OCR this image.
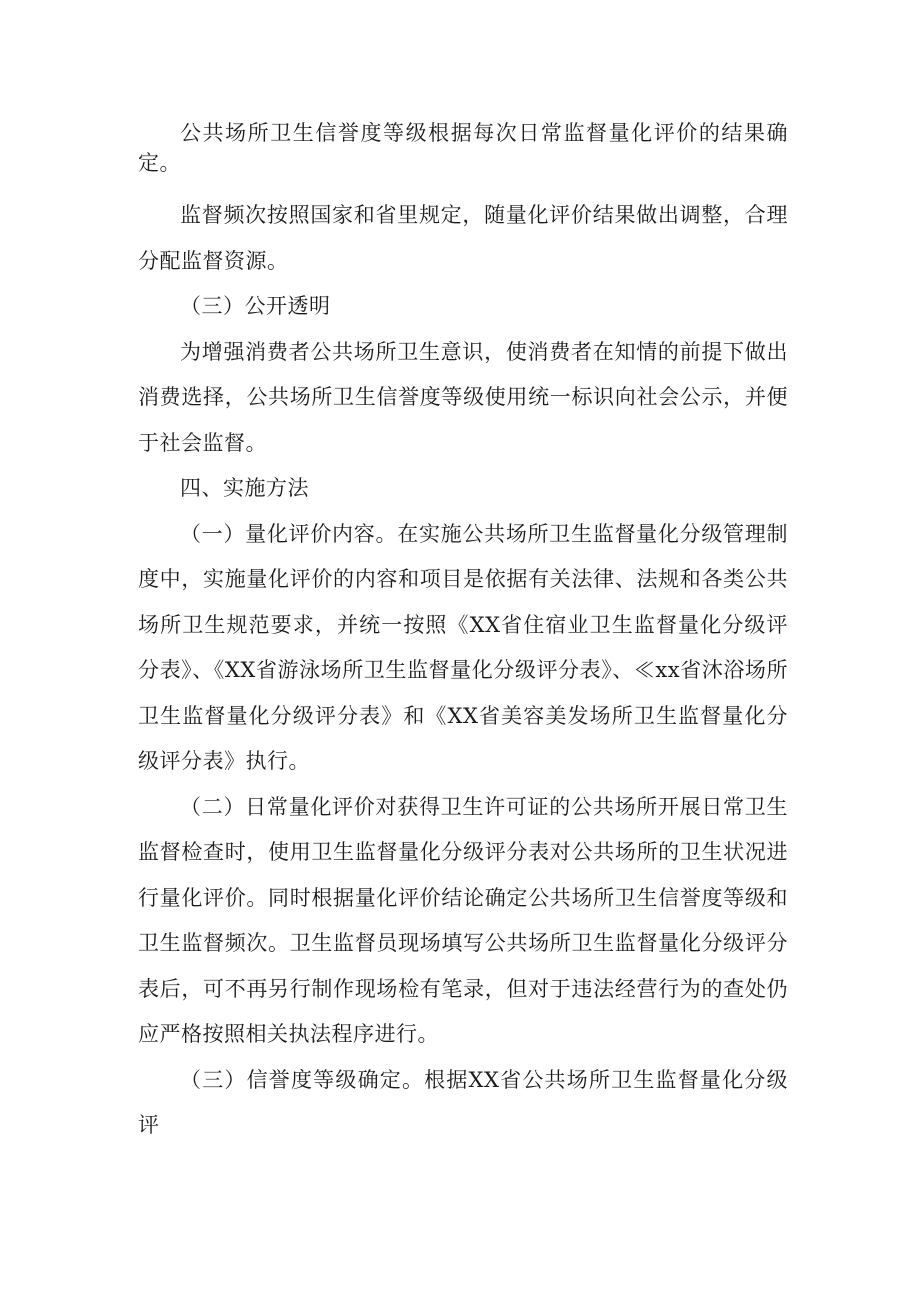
公共场所卫生信誉度等级根据每次日常监督量化评价的结果确定。

监督频次按照国家和省里规定，随量化评价结果做出调整，合理分配监督资源。

（三）公开透明

为增强消费者公共场所卫生意识，使消费者在知情的前提下做出消费选择，公共场所卫生信誉度等级使用统一标识向社会公示，并便于社会监督。

四、实施方法

（一）量化评价内容。在实施公共场所卫生监督量化分级管理制度中，实施量化评价的内容和项目是依据有关法律、法规和各类公共场所卫生规范要求，并统一按照《XX省住宿业卫生监督量化分级评分表》、《XX省游泳场所卫生监督量化分级评分表》、≪xx省沐浴场所卫生监督量化分级评分表》和《XX省美容美发场所卫生监督量化分级评分表》执行。

（二）日常量化评价对获得卫生许可证的公共场所开展日常卫生监督检查时，使用卫生监督量化分级评分表对公共场所的卫生状况进行量化评价。同时根据量化评价结论确定公共场所卫生信誉度等级和卫生监督频次。卫生监督员现场填写公共场所卫生监督量化分级评分表后，可不再另行制作现场检有笔录，但对于违法经营行为的查处仍应严格按照相关执法程序进行。

（三）信誉度等级确定。根据XX省公共场所卫生监督量化分级评
